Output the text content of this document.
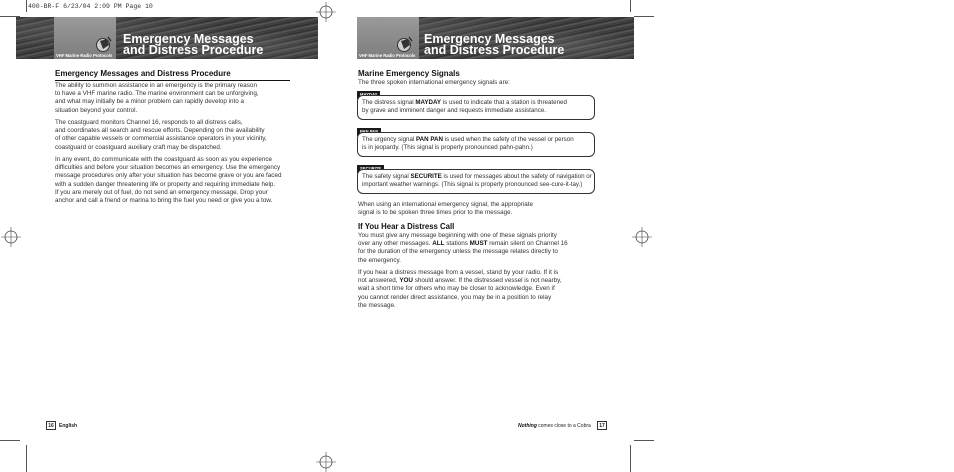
400-BR-F 6/23/04 2:09 PM Page 10
VHF Marine Radio Protocols
Emergency Messages
and Distress Procedure
Emergency Messages and Distress Procedure
The ability to summon assistance in an emergency is the primary reason
to have a VHF marine radio. The marine environment can be unforgiving,
and what may initially be a minor problem can rapidly develop into a
situation beyond your control.
The coastguard monitors Channel 16, responds to all distress calls,
and coordinates all search and rescue efforts. Depending on the availability
of other capable vessels or commercial assistance operators in your vicinity,
coastguard or coastguard auxiliary craft may be dispatched.
In any event, do communicate with the coastguard as soon as you experience
difficulties and before your situation becomes an emergency. Use the emergency
message procedures only after your situation has become grave or you are faced
with a sudden danger threatening life or property and requiring immediate help.
If you are merely out of fuel, do not send an emergency message. Drop your
anchor and call a friend or marina to bring the fuel you need or give you a tow.
16	English
VHF Marine Radio Protocols
Emergency Messages
and Distress Procedure
Marine Emergency Signals
The three spoken international emergency signals are:
The distress signal MAYDAY is used to indicate that a station is threatened
by grave and imminent danger and requests immediate assistance.
The urgency signal PAN PAN is used when the safety of the vessel or person
is in jeopardy. (This signal is properly pronounced pahn-pahn.)
The safety signal SECURITE is used for messages about the safety of navigation or
important weather warnings. (This signal is properly pronounced see-cure-it-tay.)
When using an international emergency signal, the appropriate
signal is to be spoken three times prior to the message.
If You Hear a Distress Call
You must give any message beginning with one of these signals priority
over any other messages. ALL stations MUST remain silent on Channel 16
for the duration of the emergency unless the message relates directly to
the emergency.
If you hear a distress message from a vessel, stand by your radio. If it is
not answered, YOU should answer. If the distressed vessel is not nearby,
wait a short time for others who may be closer to acknowledge. Even if
you cannot render direct assistance, you may be in a position to relay
the message.
Nothing comes close to a Cobra	17
